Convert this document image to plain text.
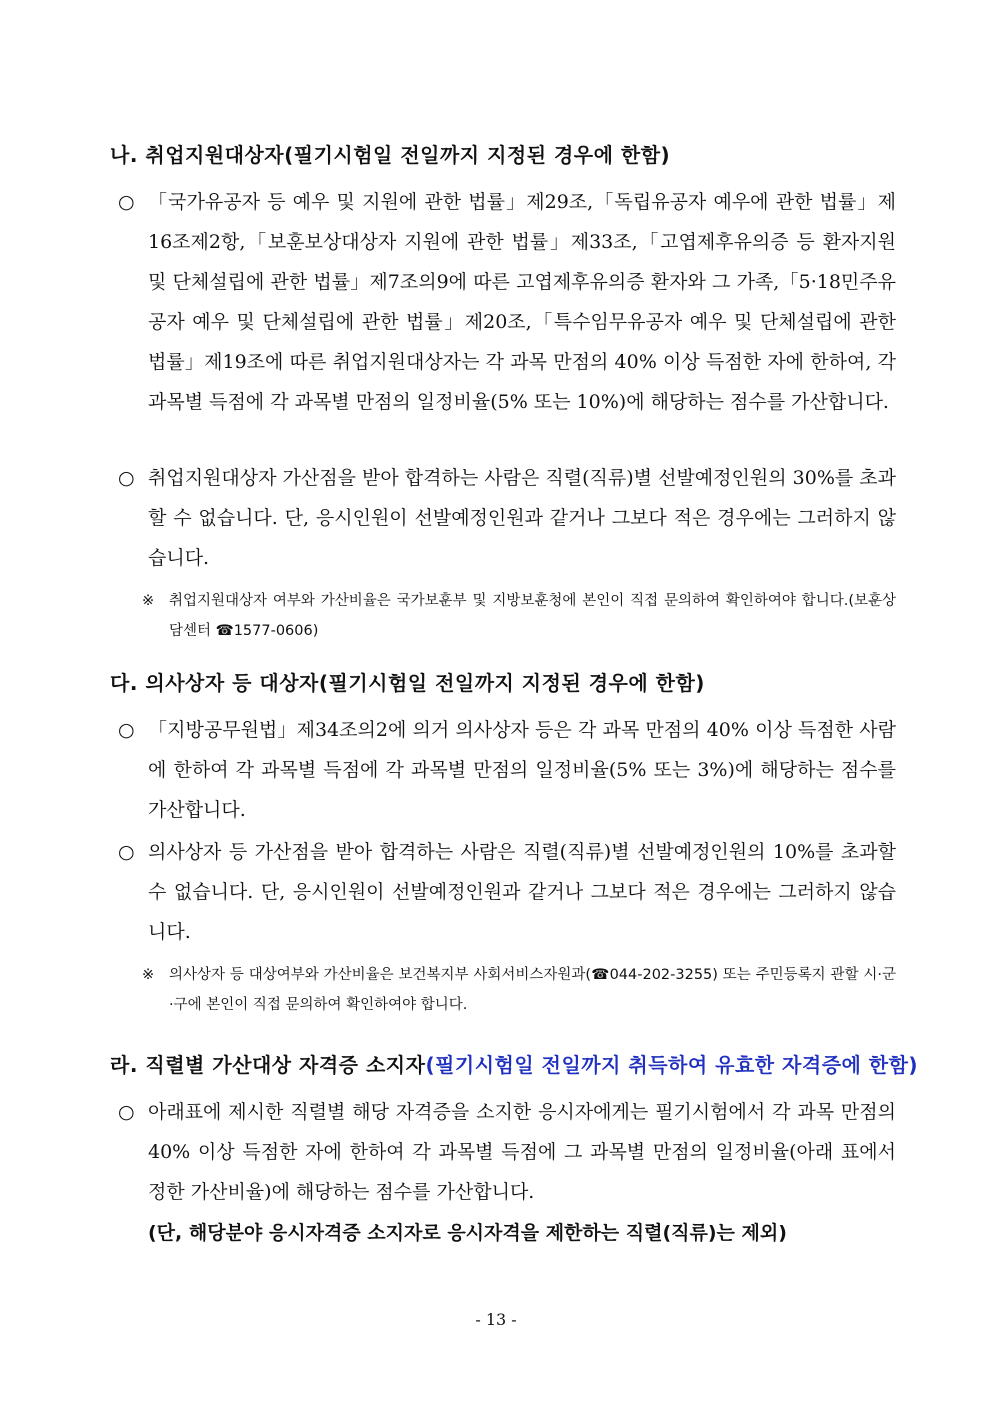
나. 취업지원대상자(필기시험일 전일까지 지정된 경우에 한함)
○ 「국가유공자 등 예우 및 지원에 관한 법률」제29조,「독립유공자 예우에 관한 법률」제16조제2항,「보훈보상대상자 지원에 관한 법률」제33조,「고엽제후유의증 등 환자지원 및 단체설립에 관한 법률」제7조의9에 따른 고엽제후유의증 환자와 그 가족,「5·18민주유공자 예우 및 단체설립에 관한 법률」제20조,「특수임무유공자 예우 및 단체설립에 관한 법률」제19조에 따른 취업지원대상자는 각 과목 만점의 40% 이상 득점한 자에 한하여, 각 과목별 득점에 각 과목별 만점의 일정비율(5% 또는 10%)에 해당하는 점수를 가산합니다.
○ 취업지원대상자 가산점을 받아 합격하는 사람은 직렬(직류)별 선발예정인원의 30%를 초과할 수 없습니다. 단, 응시인원이 선발예정인원과 같거나 그보다 적은 경우에는 그러하지 않습니다.
※ 취업지원대상자 여부와 가산비율은 국가보훈부 및 지방보훈청에 본인이 직접 문의하여 확인하여야 합니다.(보훈상담센터 ☎1577-0606)
다. 의사상자 등 대상자(필기시험일 전일까지 지정된 경우에 한함)
○ 「지방공무원법」제34조의2에 의거 의사상자 등은 각 과목 만점의 40% 이상 득점한 사람에 한하여 각 과목별 득점에 각 과목별 만점의 일정비율(5% 또는 3%)에 해당하는 점수를 가산합니다.
○ 의사상자 등 가산점을 받아 합격하는 사람은 직렬(직류)별 선발예정인원의 10%를 초과할 수 없습니다. 단, 응시인원이 선발예정인원과 같거나 그보다 적은 경우에는 그러하지 않습니다.
※ 의사상자 등 대상여부와 가산비율은 보건복지부 사회서비스자원과(☎044-202-3255) 또는 주민등록지 관할 시·군·구에 본인이 직접 문의하여 확인하여야 합니다.
라. 직렬별 가산대상 자격증 소지자(필기시험일 전일까지 취득하여 유효한 자격증에 한함)
○ 아래표에 제시한 직렬별 해당 자격증을 소지한 응시자에게는 필기시험에서 각 과목 만점의 40% 이상 득점한 자에 한하여 각 과목별 득점에 그 과목별 만점의 일정비율(아래 표에서 정한 가산비율)에 해당하는 점수를 가산합니다.
(단, 해당분야 응시자격증 소지자로 응시자격을 제한하는 직렬(직류)는 제외)
- 13 -
